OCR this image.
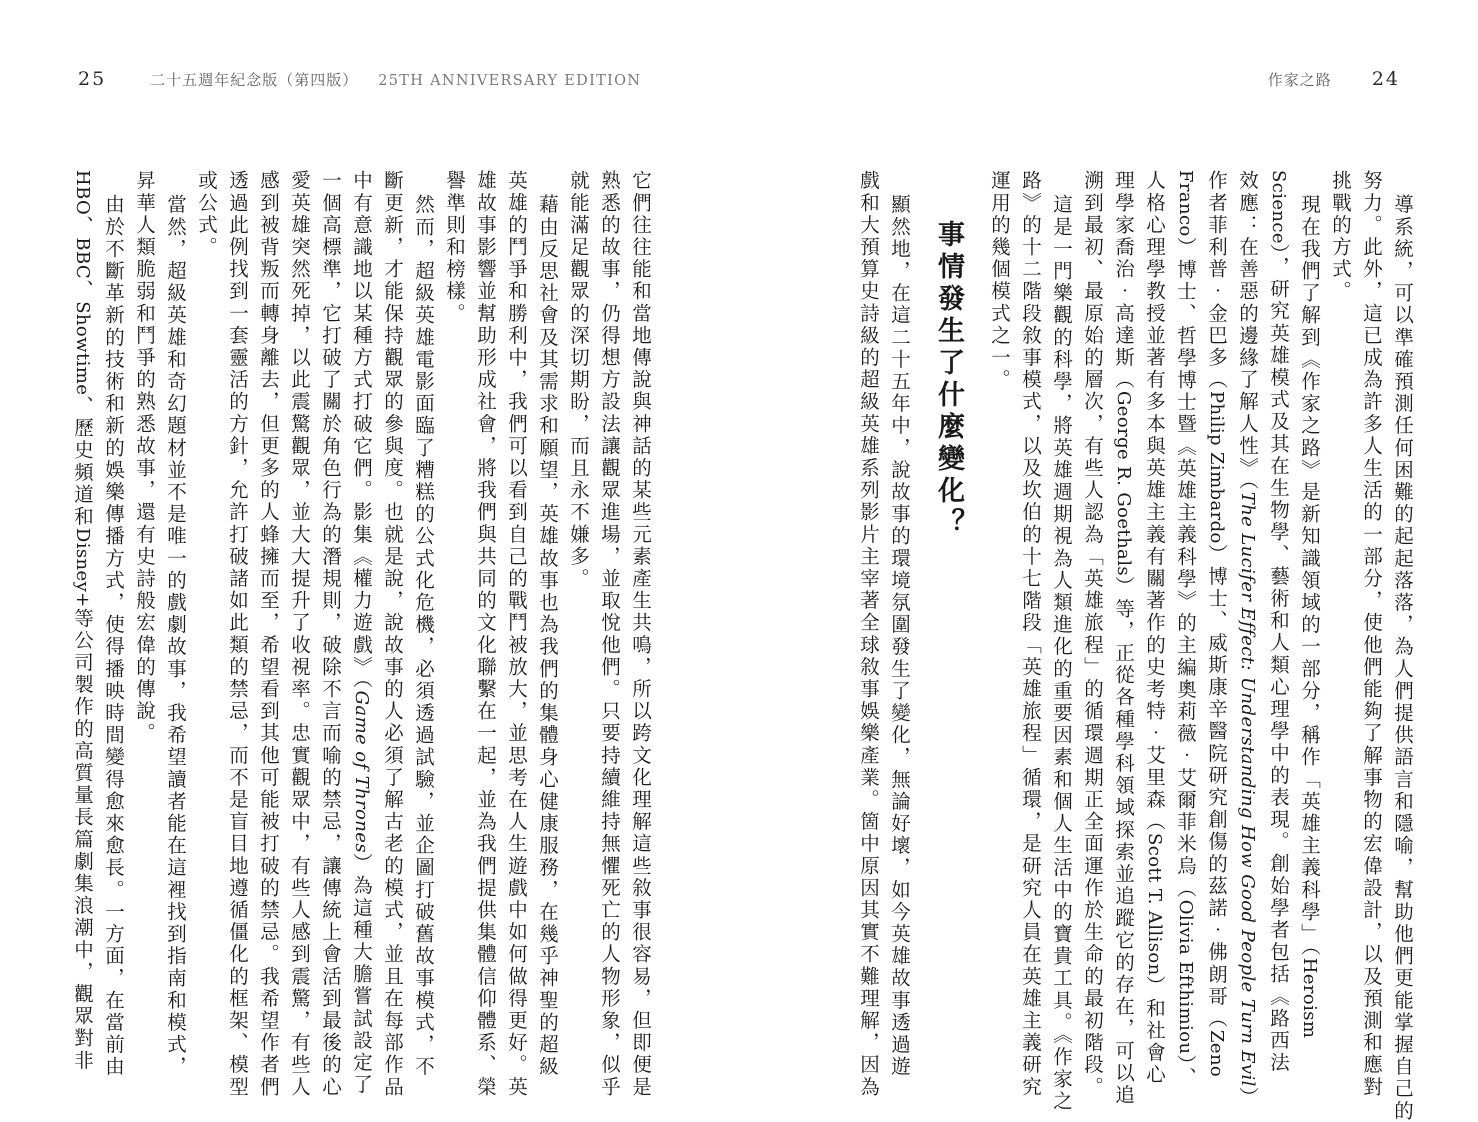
25	二十五週年紀念版（第四版） 25TH ANNIVERSARY EDITION	作家之路 24
導系統，可以準確預測任何困難的起起落落，為人們提供語言和隱喻，幫助他們更能掌握自己的
努力。此外，這已成為許多人生活的一部分，使他們能夠了解事物的宏偉設計，以及預測和應對
挑戰的方式。
現在我們了解到《作家之路》是新知識領域的一部分，稱作「英雄主義科學」（Heroism
Science），研究英雄模式及其在生物學、藝術和人類心理學中的表現。創始學者包括《路西法
效應：在善惡的邊緣了解人性》（The Lucifer Effect: Understanding How Good People Turn Evil）
作者菲利普‧金巴多（Philip Zimbardo）博士、威斯康辛醫院研究創傷的茲諾‧佛朗哥（Zeno
Franco）博士、哲學博士暨《英雄主義科學》的主編奧莉薇‧艾爾菲米烏（Olivia Efthimiou）、
人格心理學教授並著有多本與英雄主義有關著作的史考特‧艾里森（Scott T. Allison）和社會心
理學家喬治‧高達斯（George R. Goethals）等，正從各種學科領域探索並追蹤它的存在，可以追
溯到最初、最原始的層次，有些人認為「英雄旅程」的循環週期正全面運作於生命的最初階段。
這是一門樂觀的科學，將英雄週期視為人類進化的重要因素和個人生活中的寶貴工具。《作家之
路》的十二階段敘事模式，以及坎伯的十七階段「英雄旅程」循環，是研究人員在英雄主義研究
運用的幾個模式之一。
事情發生了什麼變化？
顯然地，在這二十五年中，說故事的環境氛圍發生了變化，無論好壞，如今英雄故事透過遊
戲和大預算史詩級的超級英雄系列影片主宰著全球敘事娛樂產業。箇中原因其實不難理解，因為
它們往往能和當地傳說與神話的某些元素產生共鳴，所以跨文化理解這些敘事很容易，但即便是
熟悉的故事，仍得想方設法讓觀眾進場，並取悅他們。只要持續維持無懼死亡的人物形象，似乎
就能滿足觀眾的深切期盼，而且永不嫌多。
藉由反思社會及其需求和願望，英雄故事也為我們的集體身心健康服務，在幾乎神聖的超級
英雄的鬥爭和勝利中，我們可以看到自己的戰鬥被放大，並思考在人生遊戲中如何做得更好。英
雄故事影響並幫助形成社會，將我們與共同的文化聯繫在一起，並為我們提供集體信仰體系、榮
譽準則和榜樣。
然而，超級英雄電影面臨了糟糕的公式化危機，必須透過試驗，並企圖打破舊故事模式，不
斷更新，才能保持觀眾的參與度。也就是說，說故事的人必須了解古老的模式，並且在每部作品
中有意識地以某種方式打破它們。影集《權力遊戲》（Game of Thrones）為這種大膽嘗試設定了
一個高標準，它打破了關於角色行為的潛規則，破除不言而喻的禁忌，讓傳統上會活到最後的心
愛英雄突然死掉，以此震驚觀眾，並大大提升了收視率。忠實觀眾中，有些人感到震驚，有些人
感到被背叛而轉身離去，但更多的人蜂擁而至，希望看到其他可能被打破的禁忌。我希望作者們
透過此例找到一套靈活的方針，允許打破諸如此類的禁忌，而不是盲目地遵循僵化的框架、模型
或公式。
當然，超級英雄和奇幻題材並不是唯一的戲劇故事，我希望讀者能在這裡找到指南和模式，
昇華人類脆弱和鬥爭的熟悉故事，還有史詩般宏偉的傳說。
由於不斷革新的技術和新的娛樂傳播方式，使得播映時間變得愈來愈長。一方面，在當前由
HBO、BBC、Showtime、歷史頻道和Disney+等公司製作的高質量長篇劇集浪潮中，觀眾對非
